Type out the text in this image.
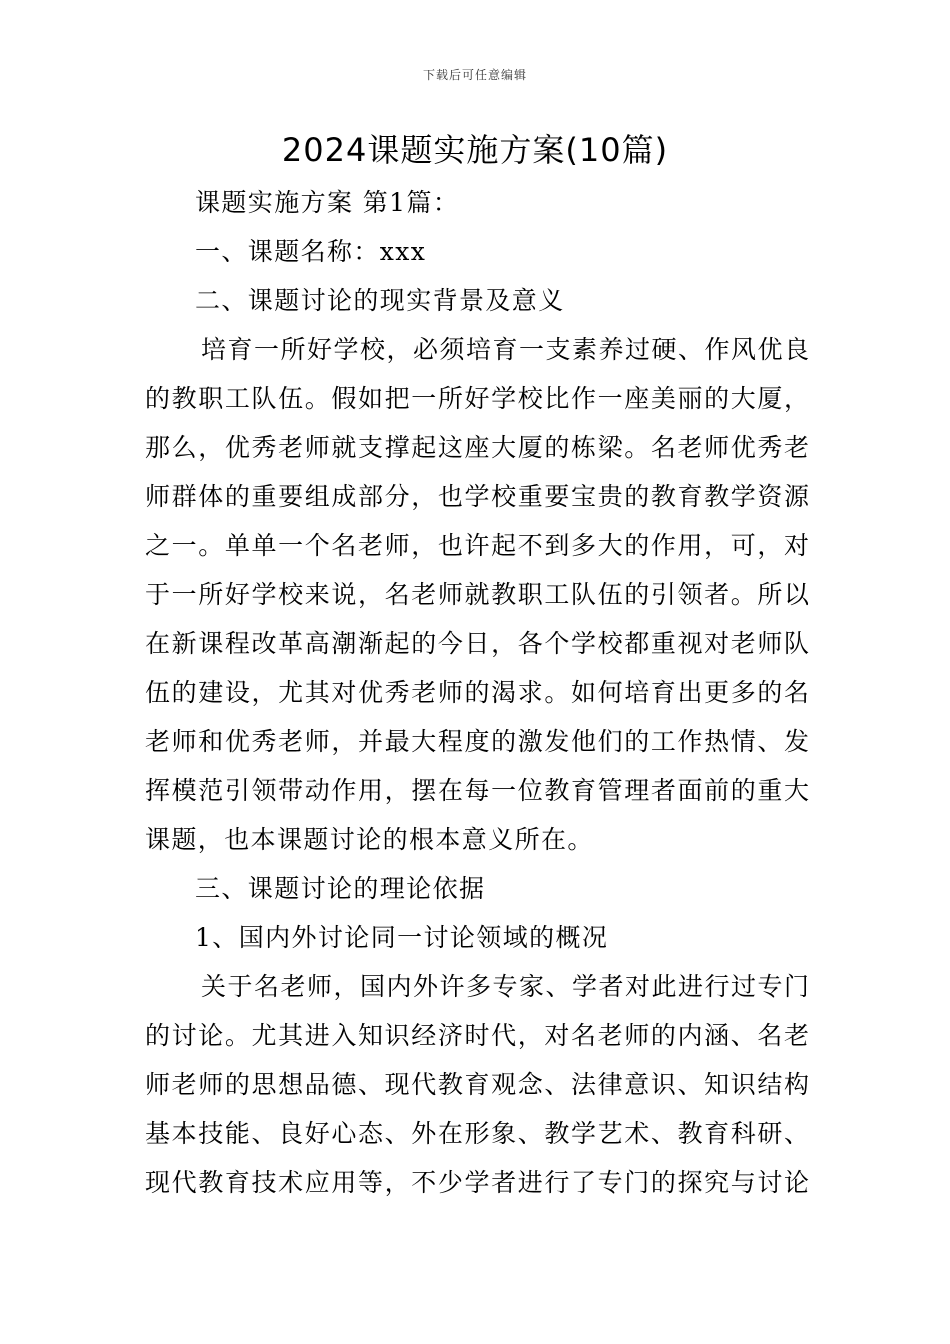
下载后可任意编辑
2024课题实施方案(10篇)
课题实施方案 第1篇：
一、课题名称：xxx
二、课题讨论的现实背景及意义
培育一所好学校，必须培育一支素养过硬、作风优良
的教职工队伍。假如把一所好学校比作一座美丽的大厦，
那么，优秀老师就支撑起这座大厦的栋梁。名老师优秀老
师群体的重要组成部分，也学校重要宝贵的教育教学资源
之一。单单一个名老师，也许起不到多大的作用，可，对
于一所好学校来说，名老师就教职工队伍的引领者。所以
在新课程改革高潮渐起的今日，各个学校都重视对老师队
伍的建设，尤其对优秀老师的渴求。如何培育出更多的名
老师和优秀老师，并最大程度的激发他们的工作热情、发
挥模范引领带动作用，摆在每一位教育管理者面前的重大
课题，也本课题讨论的根本意义所在。
三、课题讨论的理论依据
1、国内外讨论同一讨论领域的概况
关于名老师，国内外许多专家、学者对此进行过专门
的讨论。尤其进入知识经济时代，对名老师的内涵、名老
师老师的思想品德、现代教育观念、法律意识、知识结构
基本技能、良好心态、外在形象、教学艺术、教育科研、
现代教育技术应用等，不少学者进行了专门的探究与讨论
